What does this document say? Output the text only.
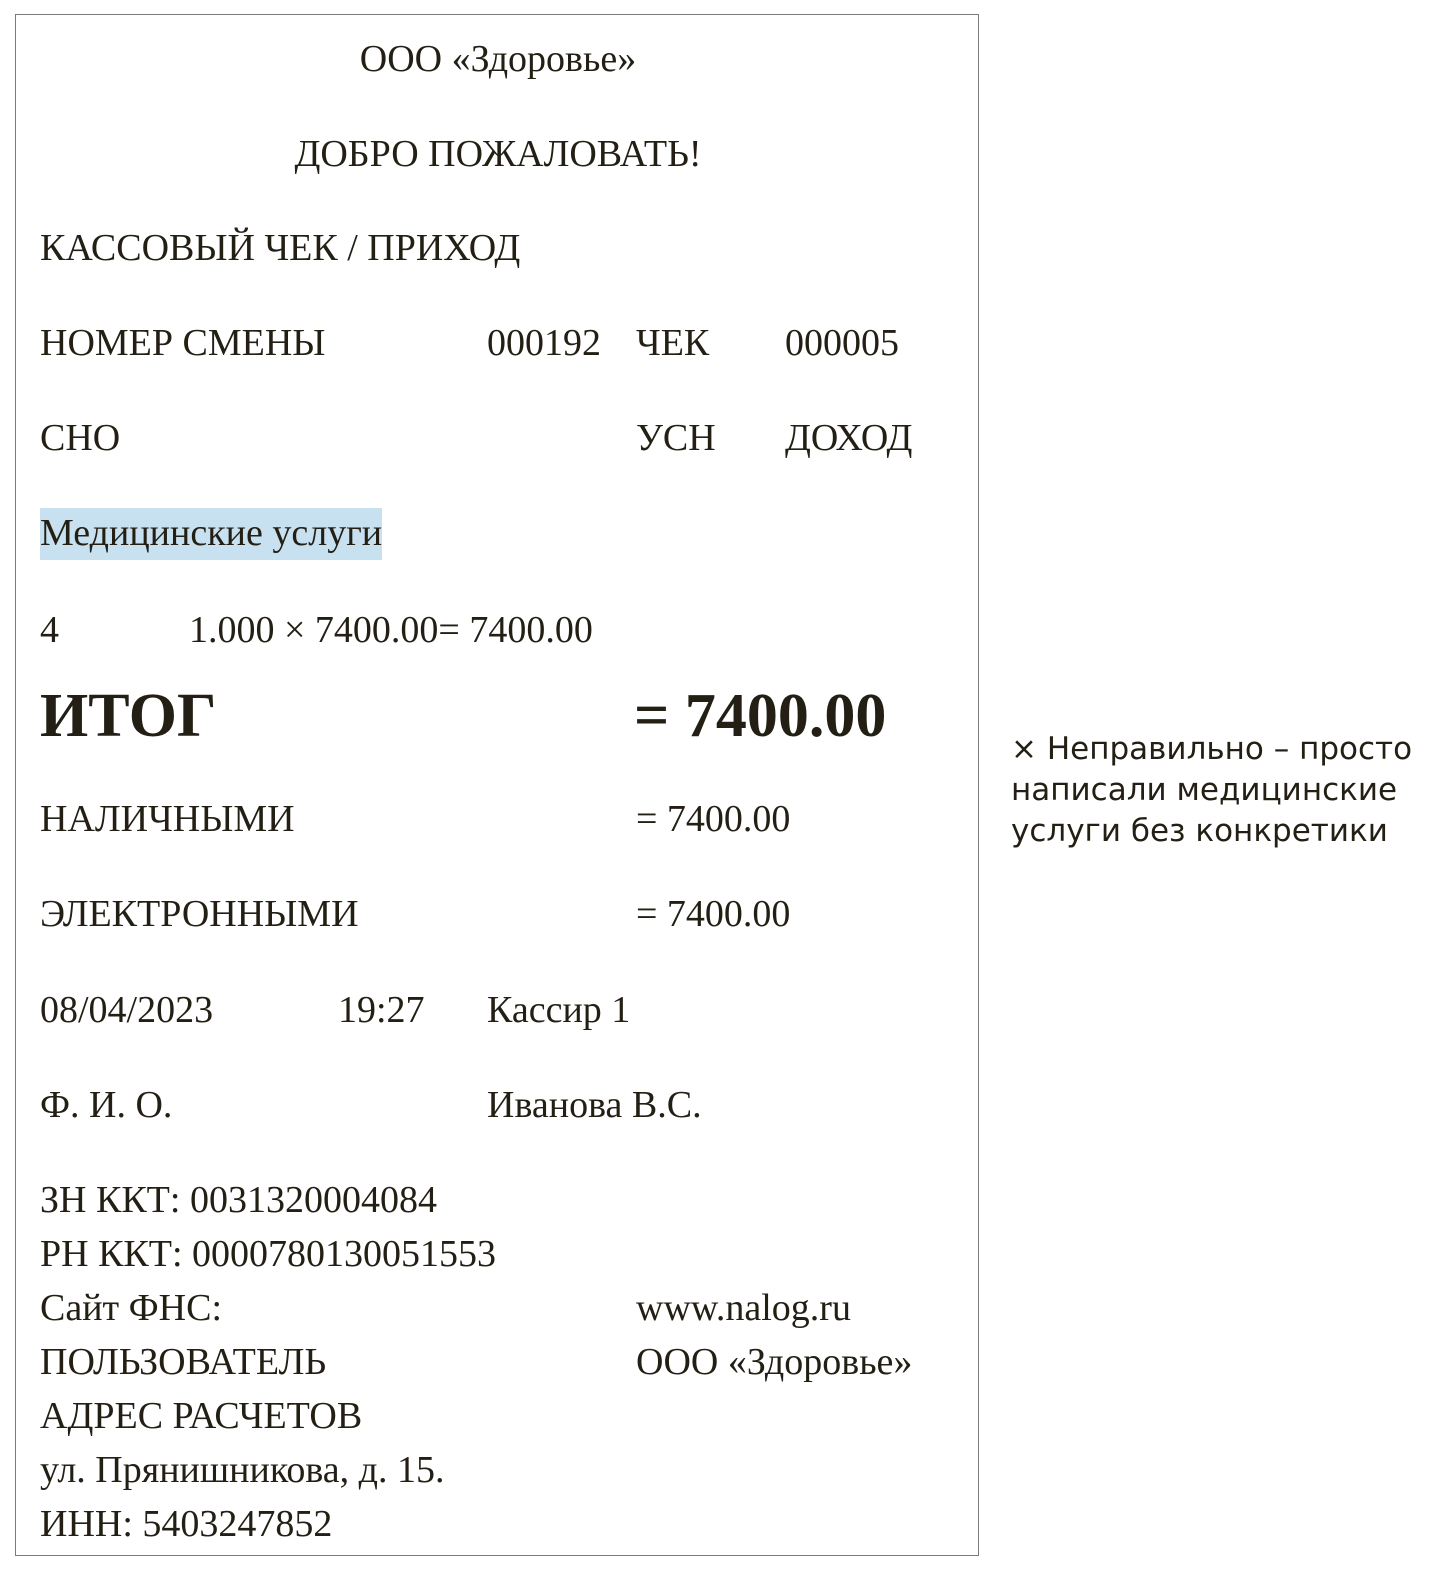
ООО «Здоровье»
ДОБРО ПОЖАЛОВАТЬ!
КАССОВЫЙ ЧЕК / ПРИХОД
НОМЕР СМЕНЫ	000192 ЧЕК 000005
СНО	УСН ДОХОД
Медицинские услуги
4	1.000 × 7400.00= 7400.00
ИТОГ	= 7400.00
НАЛИЧНЫМИ	= 7400.00
ЭЛЕКТРОННЫМИ	= 7400.00
08/04/2023	19:27 Кассир 1
Ф. И. О.	Иванова В.С.
ЗН ККТ: 0031320004084
РН ККТ: 0000780130051553
Сайт ФНС:	www.nalog.ru
ПОЛЬЗОВАТЕЛЬ	ООО «Здоровье»
АДРЕС РАСЧЕТОВ
ул. Прянишникова, д. 15.
ИНН: 5403247852
× Неправильно – просто написали медицинские услуги без конкретики
